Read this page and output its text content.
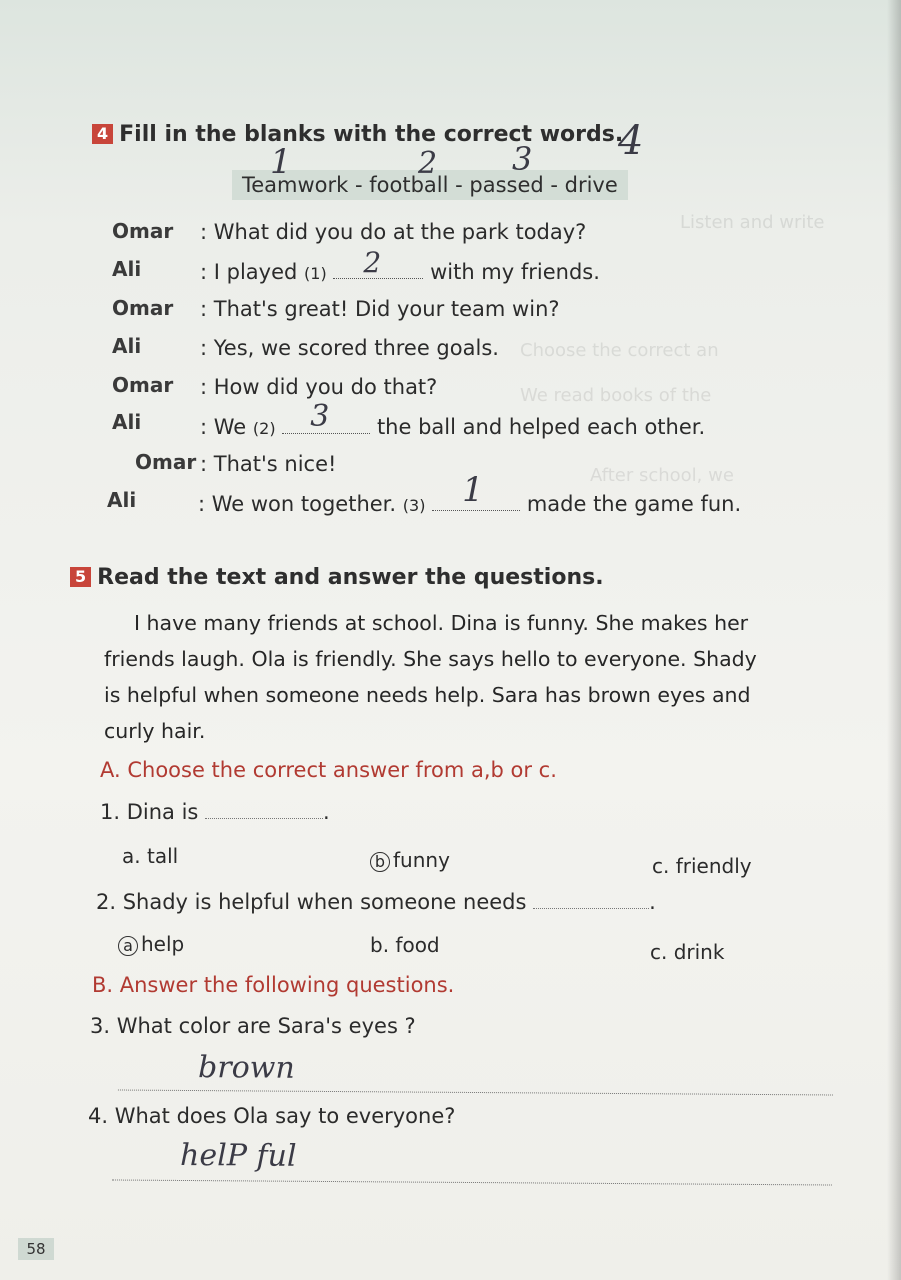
Listen and write
Choose the correct an
We read books of the
After school, we
4 Fill in the blanks with the correct words.
4
Teamwork - football - passed - drive
1	2 3
Omar : What did you do at the park today?
Ali	: I played (1) 2 with my friends.
Omar : That's great! Did your team win?
Ali	: Yes, we scored three goals.
Omar : How did you do that?
Ali	: We (2) 3 the ball and helped each other.
Omar : That's nice!
Ali	: We won together. (3) 1 made the game fun.
5 Read the text and answer the questions.
I have many friends at school. Dina is funny. She makes her
friends laugh. Ola is friendly. She says hello to everyone. Shady
is helpful when someone needs help. Sara has brown eyes and
curly hair.
A. Choose the correct answer from a,b or c.
1. Dina is	.
a. tall	b funny	c. friendly
2. Shady is helpful when someone needs	.
a help	b. food	c. drink
B. Answer the following questions.
3. What color are Sara's eyes ?
brown
4. What does Ola say to everyone?
helP ful
58
